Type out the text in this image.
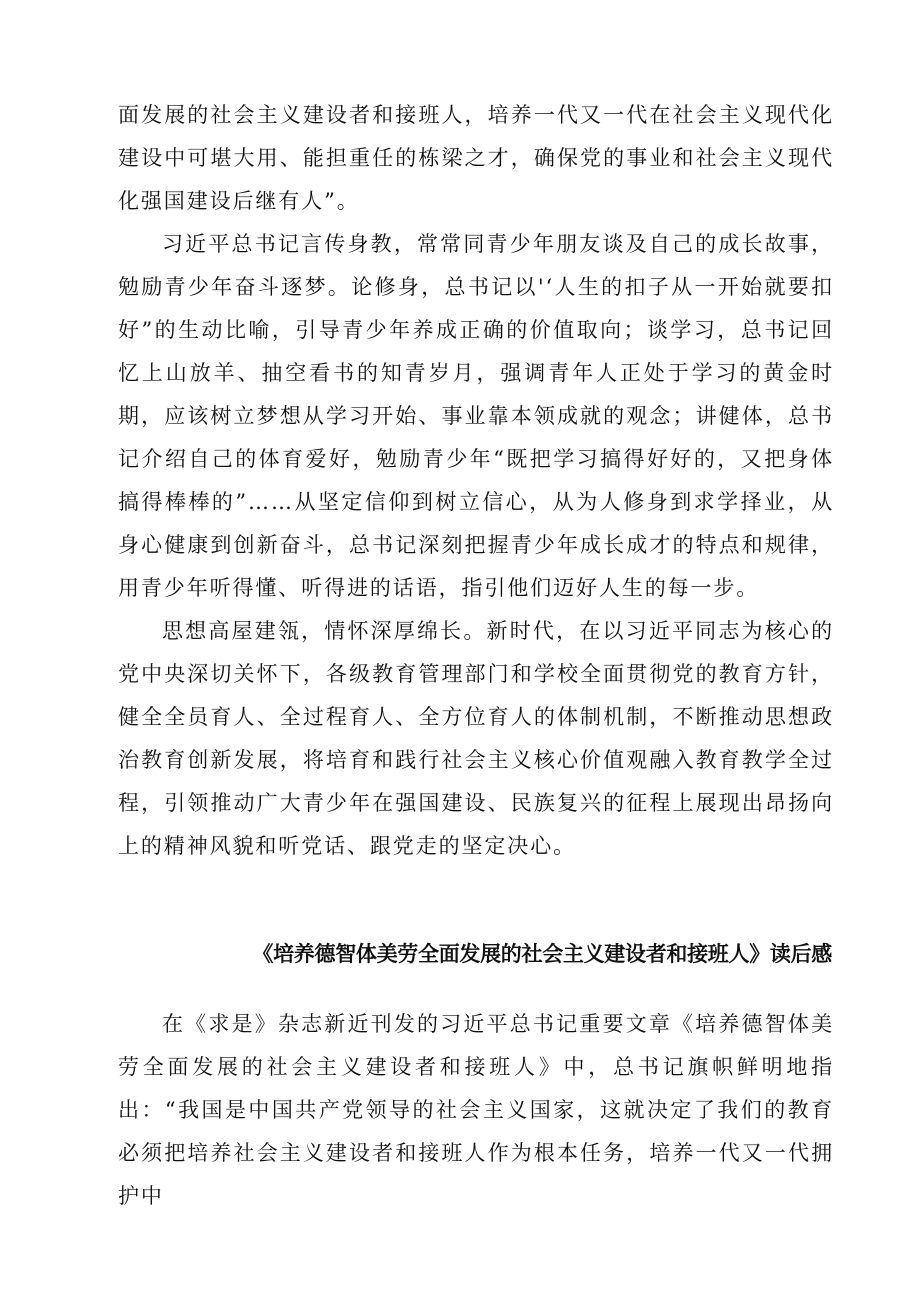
面发展的社会主义建设者和接班人，培养一代又一代在社会主义现代化建设中可堪大用、能担重任的栋梁之才，确保党的事业和社会主义现代化强国建设后继有人”。

习近平总书记言传身教，常常同青少年朋友谈及自己的成长故事，勉励青少年奋斗逐梦。论修身，总书记以'‘人生的扣子从一开始就要扣好”的生动比喻，引导青少年养成正确的价值取向；谈学习，总书记回忆上山放羊、抽空看书的知青岁月，强调青年人正处于学习的黄金时期，应该树立梦想从学习开始、事业靠本领成就的观念；讲健体，总书记介绍自己的体育爱好，勉励青少年“既把学习搞得好好的，又把身体搞得棒棒的”……从坚定信仰到树立信心，从为人修身到求学择业，从身心健康到创新奋斗，总书记深刻把握青少年成长成才的特点和规律，用青少年听得懂、听得进的话语，指引他们迈好人生的每一步。

思想高屋建瓴，情怀深厚绵长。新时代，在以习近平同志为核心的党中央深切关怀下，各级教育管理部门和学校全面贯彻党的教育方针，健全全员育人、全过程育人、全方位育人的体制机制，不断推动思想政治教育创新发展，将培育和践行社会主义核心价值观融入教育教学全过程，引领推动广大青少年在强国建设、民族复兴的征程上展现出昂扬向上的精神风貌和听党话、跟党走的坚定决心。

《培养德智体美劳全面发展的社会主义建设者和接班人》读后感

在《求是》杂志新近刊发的习近平总书记重要文章《培养德智体美劳全面发展的社会主义建设者和接班人》中，总书记旗帜鲜明地指出：“我国是中国共产党领导的社会主义国家，这就决定了我们的教育必须把培养社会主义建设者和接班人作为根本任务，培养一代又一代拥护中
